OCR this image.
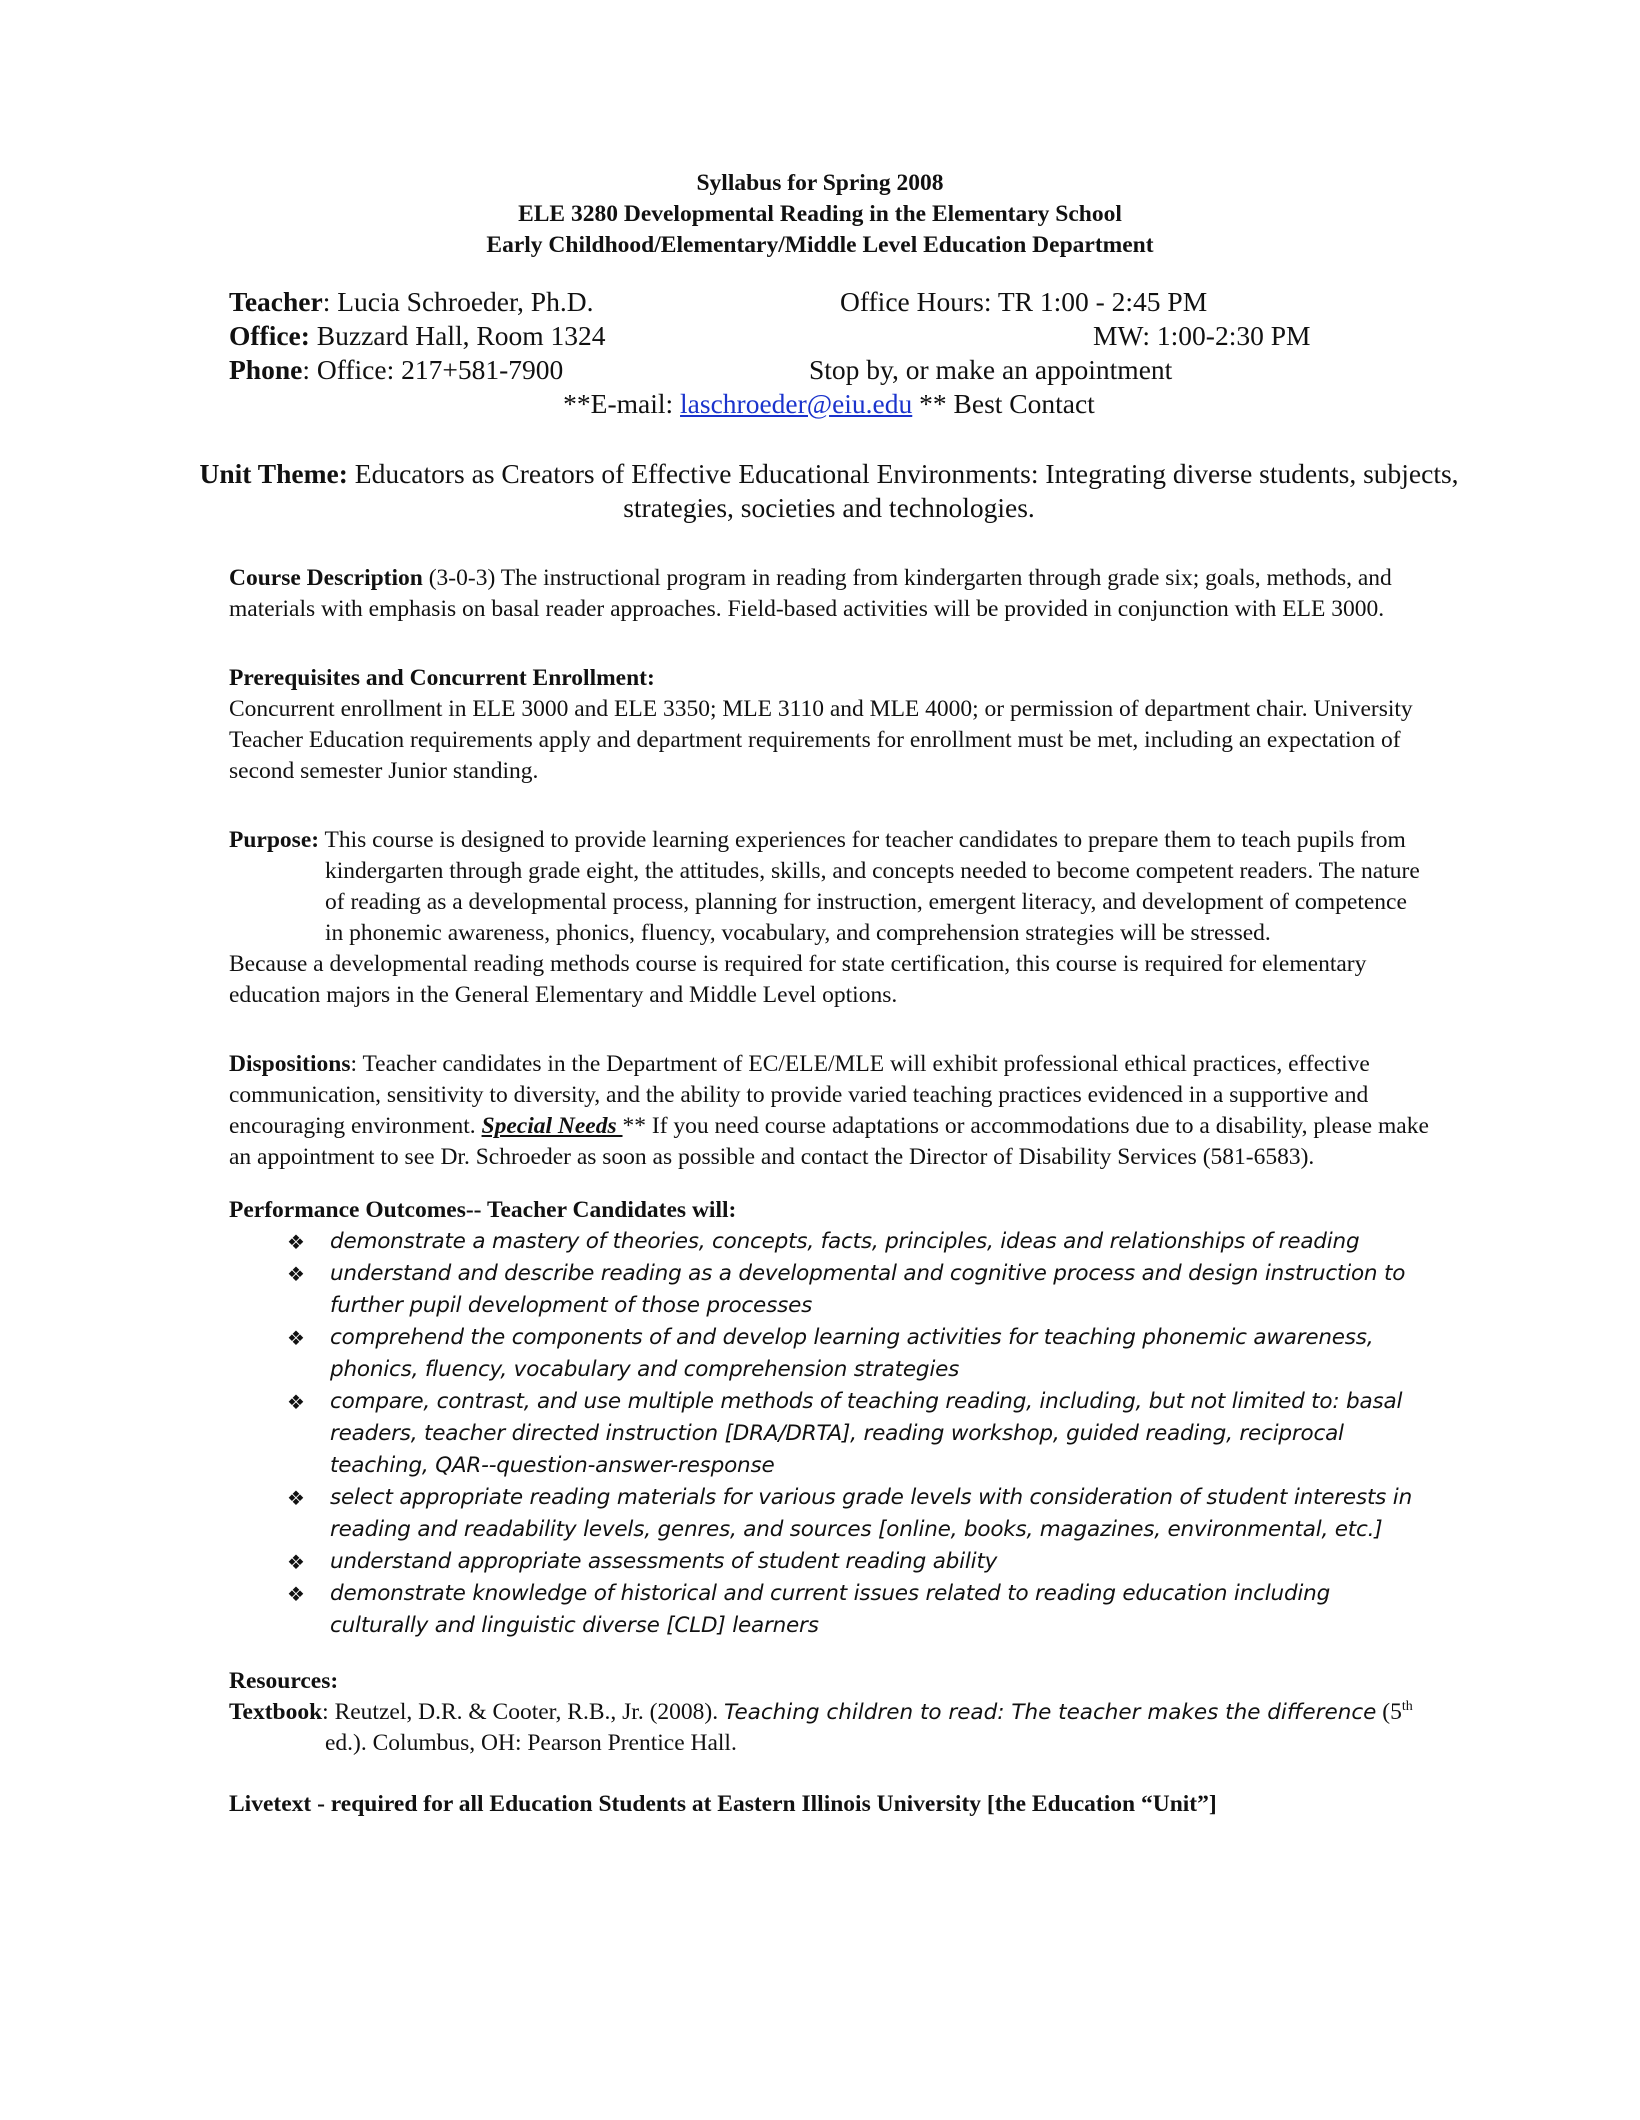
Syllabus for Spring 2008
ELE 3280 Developmental Reading in the Elementary School
Early Childhood/Elementary/Middle Level Education Department
Teacher: Lucia Schroeder, Ph.D.	Office Hours: TR 1:00 - 2:45 PM
Office: Buzzard Hall, Room 1324	MW: 1:00-2:30 PM
Phone: Office: 217+581-7900	Stop by, or make an appointment
**E-mail: laschroeder@eiu.edu ** Best Contact
Unit Theme: Educators as Creators of Effective Educational Environments: Integrating diverse students, subjects, strategies, societies and technologies.
Course Description (3-0-3) The instructional program in reading from kindergarten through grade six; goals, methods, and materials with emphasis on basal reader approaches. Field-based activities will be provided in conjunction with ELE 3000.
Prerequisites and Concurrent Enrollment:
Concurrent enrollment in ELE 3000 and ELE 3350; MLE 3110 and MLE 4000; or permission of department chair. University Teacher Education requirements apply and department requirements for enrollment must be met, including an expectation of second semester Junior standing.
Purpose: This course is designed to provide learning experiences for teacher candidates to prepare them to teach pupils from kindergarten through grade eight, the attitudes, skills, and concepts needed to become competent readers. The nature of reading as a developmental process, planning for instruction, emergent literacy, and development of competence in phonemic awareness, phonics, fluency, vocabulary, and comprehension strategies will be stressed.
Because a developmental reading methods course is required for state certification, this course is required for elementary education majors in the General Elementary and Middle Level options.
Dispositions: Teacher candidates in the Department of EC/ELE/MLE will exhibit professional ethical practices, effective communication, sensitivity to diversity, and the ability to provide varied teaching practices evidenced in a supportive and encouraging environment. Special Needs ** If you need course adaptations or accommodations due to a disability, please make an appointment to see Dr. Schroeder as soon as possible and contact the Director of Disability Services (581-6583).
Performance Outcomes-- Teacher Candidates will:
❖ demonstrate a mastery of theories, concepts, facts, principles, ideas and relationships of reading
❖ understand and describe reading as a developmental and cognitive process and design instruction to further pupil development of those processes
❖ comprehend the components of and develop learning activities for teaching phonemic awareness, phonics, fluency, vocabulary and comprehension strategies
❖ compare, contrast, and use multiple methods of teaching reading, including, but not limited to: basal readers, teacher directed instruction [DRA/DRTA], reading workshop, guided reading, reciprocal teaching, QAR--question-answer-response
❖ select appropriate reading materials for various grade levels with consideration of student interests in reading and readability levels, genres, and sources [online, books, magazines, environmental, etc.]
❖ understand appropriate assessments of student reading ability
❖ demonstrate knowledge of historical and current issues related to reading education including culturally and linguistic diverse [CLD] learners
Resources:
Textbook: Reutzel, D.R. & Cooter, R.B., Jr. (2008). Teaching children to read: The teacher makes the difference (5th ed.). Columbus, OH: Pearson Prentice Hall.
Livetext - required for all Education Students at Eastern Illinois University [the Education “Unit”]
